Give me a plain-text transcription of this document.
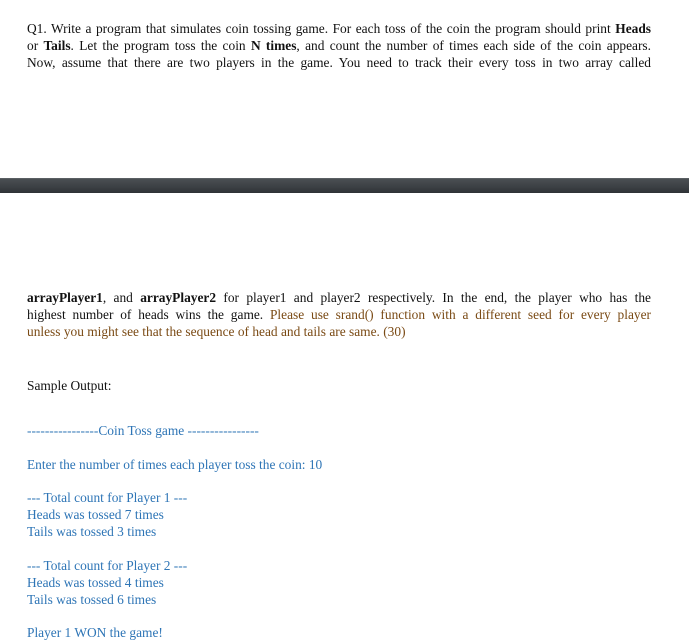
Q1. Write a program that simulates coin tossing game. For each toss of the coin the program should print Heads
or Tails. Let the program toss the coin N times, and count the number of times each side of the coin appears.
Now, assume that there are two players in the game. You need to track their every toss in two array called
arrayPlayer1, and arrayPlayer2 for player1 and player2 respectively. In the end, the player who has the
highest number of heads wins the game. Please use srand() function with a different seed for every player
unless you might see that the sequence of head and tails are same. (30)
Sample Output:
----------------Coin Toss game ----------------
Enter the number of times each player toss the coin: 10
--- Total count for Player 1 ---
Heads was tossed 7 times
Tails was tossed 3 times
--- Total count for Player 2 ---
Heads was tossed 4 times
Tails was tossed 6 times
Player 1 WON the game!
